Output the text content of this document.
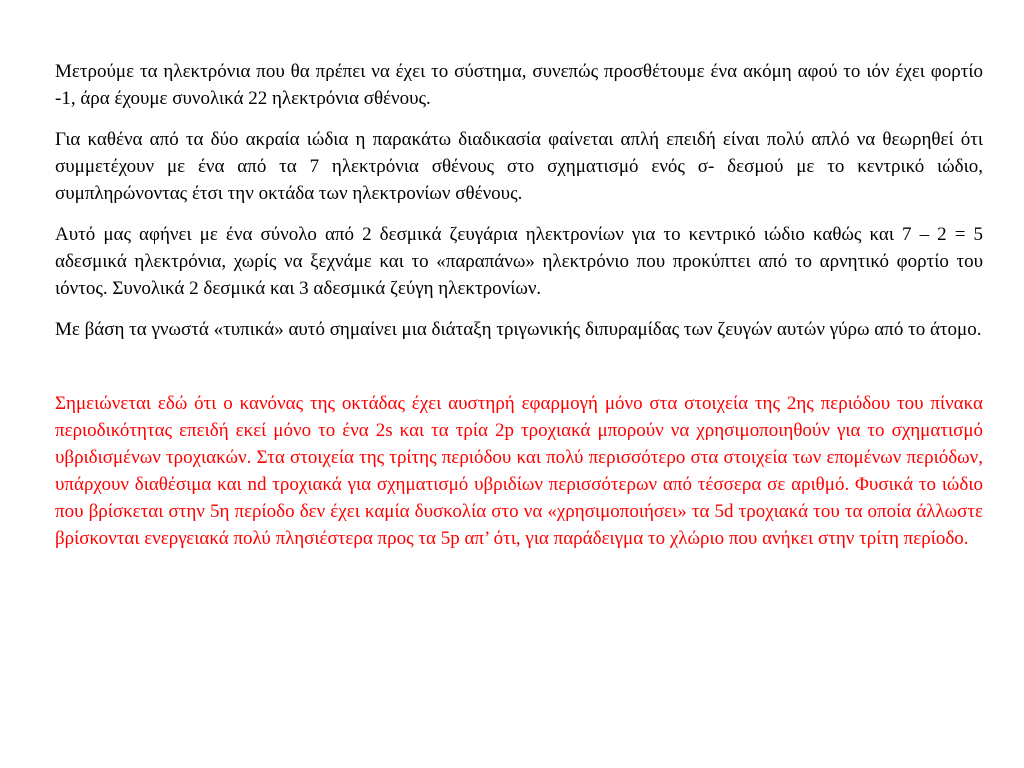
Μετρούμε τα ηλεκτρόνια που θα πρέπει να έχει το σύστημα, συνεπώς προσθέτουμε ένα ακόμη αφού το ιόν έχει φορτίο -1, άρα έχουμε συνολικά 22 ηλεκτρόνια σθένους.

Για καθένα από τα δύο ακραία ιώδια η παρακάτω διαδικασία φαίνεται απλή επειδή είναι πολύ απλό να θεωρηθεί ότι συμμετέχουν με ένα από τα 7 ηλεκτρόνια σθένους στο σχηματισμό ενός σ- δεσμού με το κεντρικό ιώδιο, συμπληρώνοντας έτσι την οκτάδα των ηλεκτρονίων σθένους.

Αυτό μας αφήνει με ένα σύνολο από 2 δεσμικά ζευγάρια ηλεκτρονίων για το κεντρικό ιώδιο καθώς και 7 – 2 = 5 αδεσμικά ηλεκτρόνια, χωρίς να ξεχνάμε και το «παραπάνω» ηλεκτρόνιο που προκύπτει από το αρνητικό φορτίο του ιόντος. Συνολικά 2 δεσμικά και 3 αδεσμικά ζεύγη ηλεκτρονίων.

Με βάση τα γνωστά «τυπικά» αυτό σημαίνει μια διάταξη τριγωνικής διπυραμίδας των ζευγών αυτών γύρω από το άτομο.

Σημειώνεται εδώ ότι ο κανόνας της οκτάδας έχει αυστηρή εφαρμογή μόνο στα στοιχεία της 2ης περιόδου του πίνακα περιοδικότητας επειδή εκεί μόνο το ένα 2s και τα τρία 2p τροχιακά μπορούν να χρησιμοποιηθούν για το σχηματισμό υβριδισμένων τροχιακών. Στα στοιχεία της τρίτης περιόδου και πολύ περισσότερο στα στοιχεία των επομένων περιόδων, υπάρχουν διαθέσιμα και nd τροχιακά για σχηματισμό υβριδίων περισσότερων από τέσσερα σε αριθμό. Φυσικά το ιώδιο που βρίσκεται στην 5η περίοδο δεν έχει καμία δυσκολία στο να «χρησιμοποιήσει» τα 5d τροχιακά του τα οποία άλλωστε βρίσκονται ενεργειακά πολύ πλησιέστερα προς τα 5p απ’ ότι, για παράδειγμα το χλώριο που ανήκει στην τρίτη περίοδο.
